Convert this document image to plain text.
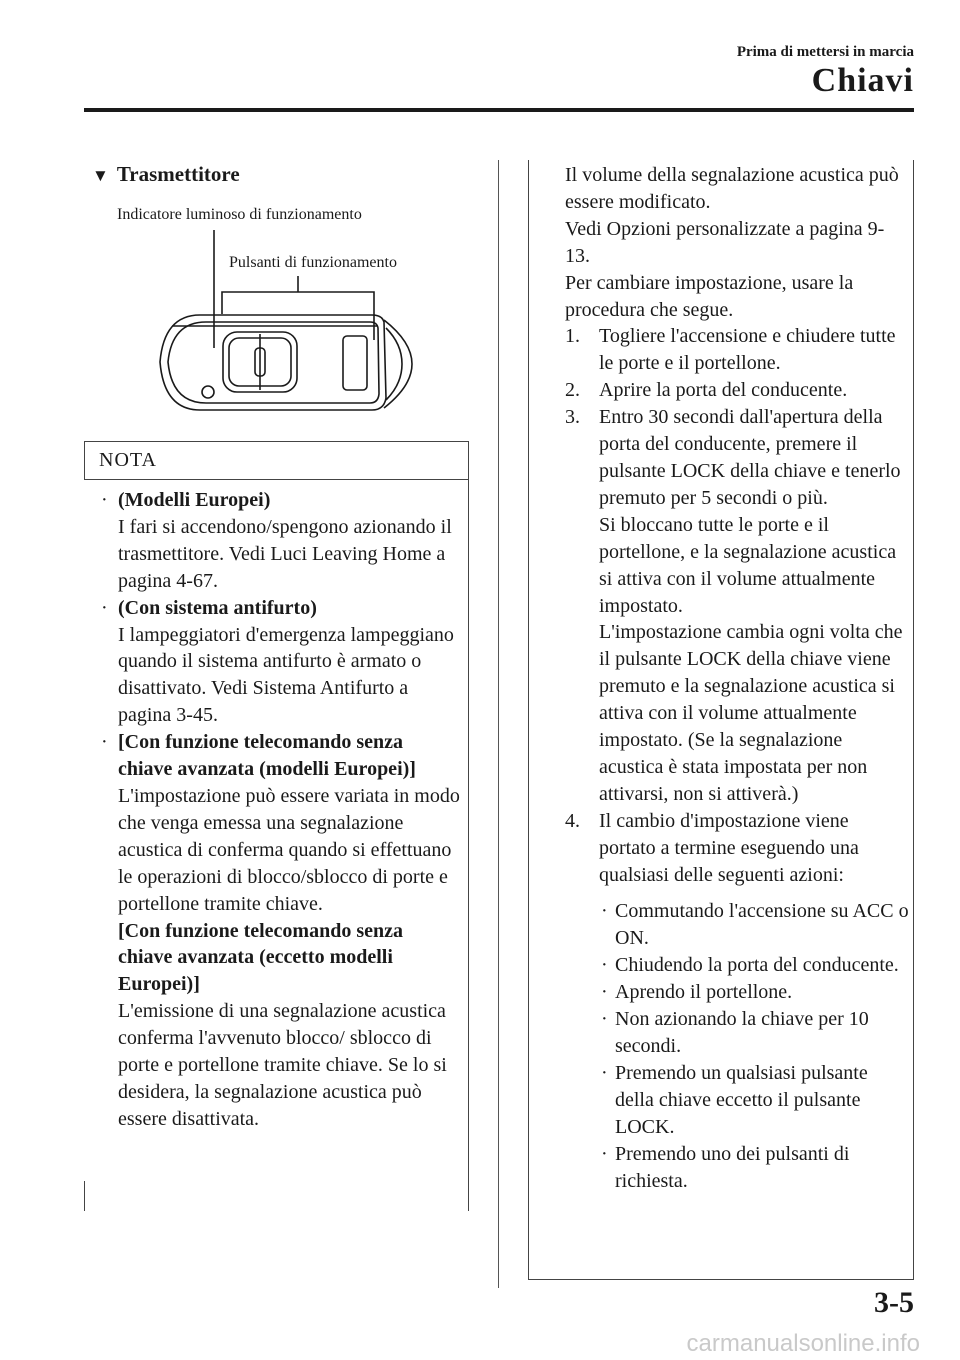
Prima di mettersi in marcia
Chiavi
▼ Trasmettitore
Indicatore luminoso di funzionamento
Pulsanti di funzionamento
NOTA
· (Modelli Europei)
I fari si accendono/spengono azionando il trasmettitore. Vedi Luci Leaving Home a pagina 4-67.
· (Con sistema antifurto)
I lampeggiatori d'emergenza lampeggiano quando il sistema antifurto è armato o disattivato. Vedi Sistema Antifurto a pagina 3-45.
· [Con funzione telecomando senza chiave avanzata (modelli Europei)]
L'impostazione può essere variata in modo che venga emessa una segnalazione acustica di conferma quando si effettuano le operazioni di blocco/sblocco di porte e portellone tramite chiave.
[Con funzione telecomando senza chiave avanzata (eccetto modelli Europei)]
L'emissione di una segnalazione acustica conferma l'avvenuto blocco/ sblocco di porte e portellone tramite chiave. Se lo si desidera, la segnalazione acustica può essere disattivata.
Il volume della segnalazione acustica può essere modificato.
Vedi Opzioni personalizzate a pagina 9-13.
Per cambiare impostazione, usare la procedura che segue.
1. Togliere l'accensione e chiudere tutte le porte e il portellone.
2. Aprire la porta del conducente.
3. Entro 30 secondi dall'apertura della porta del conducente, premere il pulsante LOCK della chiave e tenerlo premuto per 5 secondi o più.
Si bloccano tutte le porte e il portellone, e la segnalazione acustica si attiva con il volume attualmente impostato.
L'impostazione cambia ogni volta che il pulsante LOCK della chiave viene premuto e la segnalazione acustica si attiva con il volume attualmente impostato. (Se la segnalazione acustica è stata impostata per non attivarsi, non si attiverà.)
4. Il cambio d'impostazione viene portato a termine eseguendo una qualsiasi delle seguenti azioni:
· Commutando l'accensione su ACC o ON.
· Chiudendo la porta del conducente.
· Aprendo il portellone.
· Non azionando la chiave per 10 secondi.
· Premendo un qualsiasi pulsante della chiave eccetto il pulsante LOCK.
· Premendo uno dei pulsanti di richiesta.
3-5
carmanualsonline.info
